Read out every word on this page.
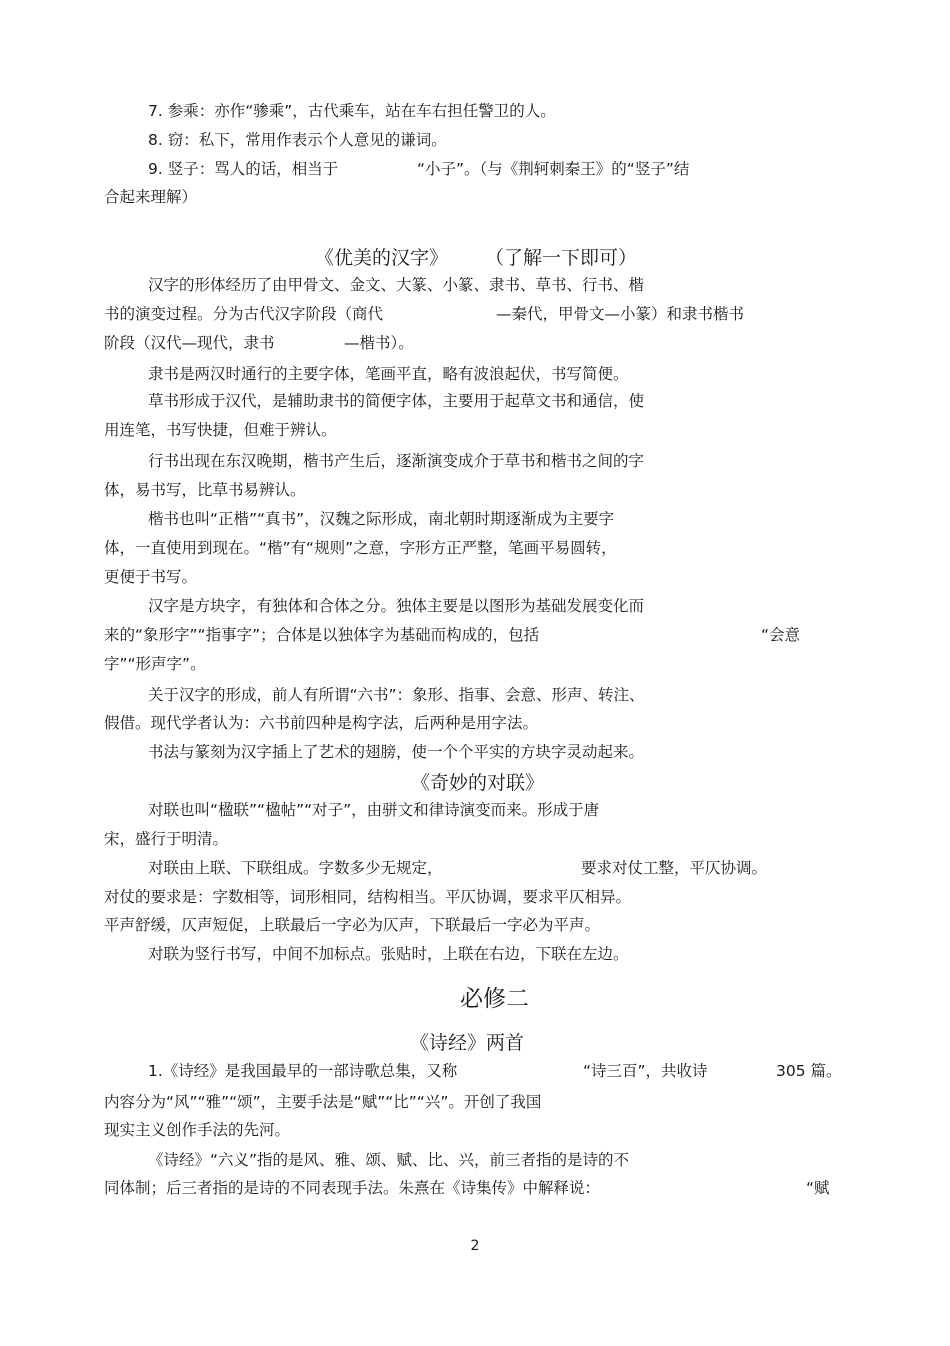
7. 参乘：亦作“骖乘”，古代乘车，站在车右担任警卫的人。
8. 窃：私下，常用作表示个人意见的谦词。
9. 竖子：骂人的话，相当于	“小子”。（与《荆轲刺秦王》的“竖子”结
合起来理解）
《优美的汉字》 （了解一下即可）
汉字的形体经历了由甲骨文、金文、大篆、小篆、隶书、草书、行书、楷
书的演变过程。分为古代汉字阶段（商代	—秦代，甲骨文—小篆）和隶书楷书
阶段（汉代—现代，隶书	—楷书）。
隶书是两汉时通行的主要字体，笔画平直，略有波浪起伏，书写简便。
草书形成于汉代，是辅助隶书的简便字体，主要用于起草文书和通信，使
用连笔，书写快捷，但难于辨认。
行书出现在东汉晚期，楷书产生后，逐渐演变成介于草书和楷书之间的字
体，易书写，比草书易辨认。
楷书也叫“正楷”“真书”，汉魏之际形成，南北朝时期逐渐成为主要字
体，一直使用到现在。“楷”有“规则”之意，字形方正严整，笔画平易圆转，
更便于书写。
汉字是方块字，有独体和合体之分。独体主要是以图形为基础发展变化而
来的“象形字”“指事字”；合体是以独体字为基础而构成的，包括	“会意
字”“形声字”。
关于汉字的形成，前人有所谓“六书”：象形、指事、会意、形声、转注、
假借。现代学者认为：六书前四种是构字法，后两种是用字法。
书法与篆刻为汉字插上了艺术的翅膀，使一个个平实的方块字灵动起来。
《奇妙的对联》
对联也叫“楹联”“楹帖”“对子”，由骈文和律诗演变而来。形成于唐
宋，盛行于明清。
对联由上联、下联组成。字数多少无规定，	要求对仗工整，平仄协调。
对仗的要求是：字数相等，词形相同，结构相当。平仄协调，要求平仄相异。
平声舒缓，仄声短促，上联最后一字必为仄声，下联最后一字必为平声。
对联为竖行书写，中间不加标点。张贴时，上联在右边，下联在左边。
必修二
《诗经》两首
1.《诗经》是我国最早的一部诗歌总集，又称	“诗三百”，共收诗	305 篇。
内容分为“风”“雅”“颂”，主要手法是“赋”“比”“兴”。开创了我国
现实主义创作手法的先河。
《诗经》“六义”指的是风、雅、颂、赋、比、兴，前三者指的是诗的不
同体制；后三者指的是诗的不同表现手法。朱熹在《诗集传》中解释说：	“赋
2
